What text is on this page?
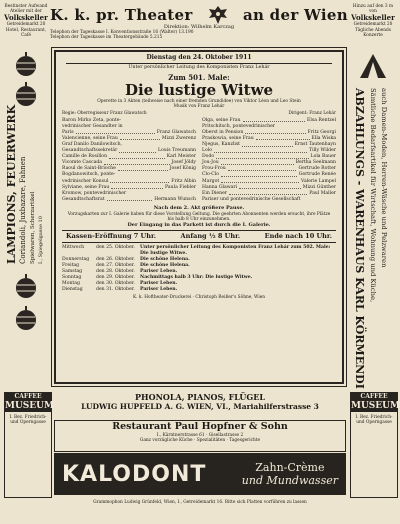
Bestinster Aufwand
Atelier mit der
Volkskeller
Getreidemarkt 20
Hotel, Restaurant, Café
Hinzu auf den 3 m von
Volkskeller
Getreidemarkt 20
Tägliche Abends Konzerte
K. k. pr. Theater	an der Wien
Direktion: Wilhelm Karczag
Telephon der Tageskasse I. Konventionsstraße 16 (Walter) 13.190
Telephon der Tageskasse im Theatergebäude 5.215
LAMPIONS, FEUERWERK Coriandoli, Juxbazare, Fahnen Spielwaren, Scherzartikel I., Spiegelgasse 10	ABZAHLUNGS - WARENHAUS KARL KÖRMENDI Sämtliche Bedarfsartikel für Wirtschaft, Wohnung und Küche, auch Damen-Moden, Herren-Wäsche und Pelzwaren
Dienstag den 24. Oktober 1911
Unter persönlicher Leitung des Komponisten Franz Lehár
Zum 501. Male:
Die lustige Witwe
Operette in 3 Akten (teilweise nach einer fremden Grundidee) von Viktor Léon und Leo Stein
Musik von Franz Lehár
Regie: Oberregisseur Franz Glawatsch	Dirigent: Franz Lehár
Baron Mirko Zeta, ponte-
vedrinischer Gesandter in
Paris	Franz Glawatsch
Valencienne, seine Frau	Mizzi Zwerenz
Graf Danilo Danilowitsch,
Gesandtschaftssekretär	Louis Treumann
Camille de Rosillon	Karl Meister
Vicomte Cascada	Josef Jöldy
Raoul de Saint-Brioche	Josef König
Bogdanowitsch, ponte-
vedrinischer Konsul	Fritz Albin
Sylviane, seine Frau	Paula Fiebler
Kromow, pontevedrinischer
Gesandtschaftsrat	Hermann Wunsch
Olga, seine Frau	Elsa Rentzel
Pritschitsch, pontevedrinischer
Oberst in Pension	Fritz Georgi
Praskowia, seine Frau	Ella Wiska
Njegus, Kanzlist	Ernst Tautenhayn
Lolo	Tilly Wilder
Dodo	Lola Bauer
Jou-Jou	Bertha Seelmann
Frou-Frou	Gertrude Rotter
Clo-Clo	Gertrude Renée
Margot	Valerie Lampel
Hanna Glawari	Mizzi Günther
Ein Diener	Paul Maller
Pariser und pontevedrinische Gesellschaft
Nach dem 2. Akt größere Pause.
Vorzugskarten zur I. Galerie haben für diese Vorstellung Geltung. Die geehrten Abonnenten werden ersucht, ihre Plätze bis halb 8 Uhr einzunehmen.
Der Eingang in das Parkett ist durch die I. Galerie.
Kassen-Eröffnung 7 Uhr.	Anfang ½ 8 Uhr.	Ende nach 10 Uhr.
Mittwoch	den 25. Oktober.	Unter persönlicher Leitung des Komponisten Franz Lehár zum 502. Male: Die lustige Witwe.
Donnerstag	den 26. Oktober.	Die schöne Helena.
Freitag	den 27. Oktober.	Die schöne Helena.
Samstag	den 28. Oktober.	Pariser Leben.
Sonntag	den 29. Oktober.	Nachmittags halb 3 Uhr: Die lustige Witwe.
Montag	den 30. Oktober.	Pariser Leben.
Dienstag	den 31. Oktober.	Pariser Leben.
K. k. Hoftheater-Druckerei · Christoph Reißer's Söhne, Wien
CAFFEE
MUSEUM
I. Bez. Friedrich- und Operngasse
CAFFEE
MUSEUM
I. Bez. Friedrich- und Operngasse
PHONOLA, PIANOS, FLÜGEL
LUDWIG HUPFELD A. G. WIEN, VI., Mariahilferstrasse 3
Restaurant Paul Hopfner & Sohn
I., Kärntnerstrasse 61 · Gisellastrasse 2
Ganz vorzügliche Küche · Spezialitäten · Tagesgerichte
KALODONT	Zahn-Crème
und Mundwasser
Grammophon Ludwig Grünfeld, Wien, I., Getreidemarkt 16. Bitte sich Platten vorführen zu lassen
